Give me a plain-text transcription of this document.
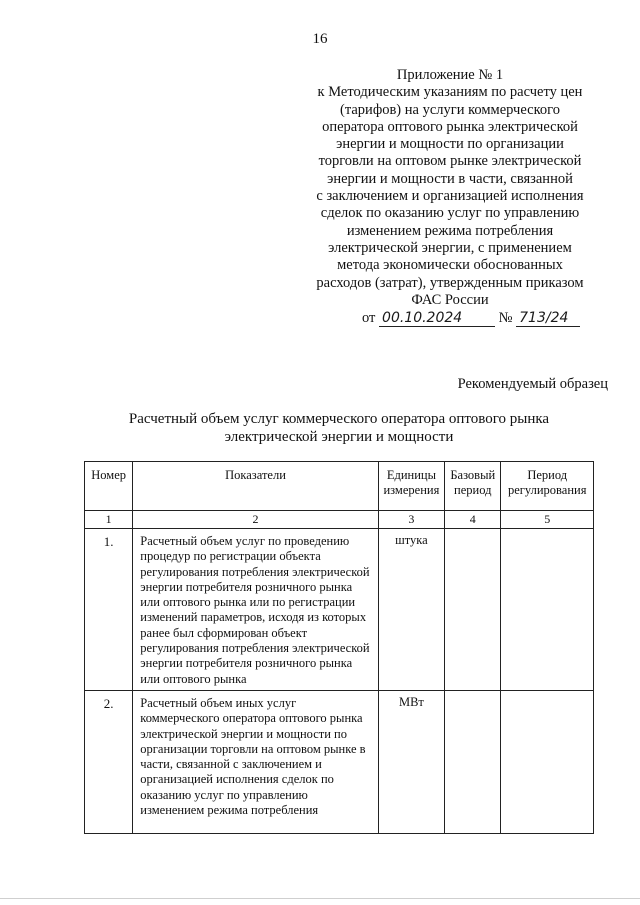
16
Приложение № 1
к Методическим указаниям по расчету цен
(тарифов) на услуги коммерческого
оператора оптового рынка электрической
энергии и мощности по организации
торговли на оптовом рынке электрической
энергии и мощности в части, связанной
с заключением и организацией исполнения
сделок по оказанию услуг по управлению
изменением режима потребления
электрической энергии, с применением
метода экономически обоснованных
расходов (затрат), утвержденным приказом
ФАС России
от 00.10.2024	№ 713/24
Рекомендуемый образец
Расчетный объем услуг коммерческого оператора оптового рынка
электрической энергии и мощности
Номер	Показатели	Единицы измерения	Базовый период	Период регулирования
1	2	3	4	5
1.	Расчетный объем услуг по проведению процедур по регистрации объекта регулирования потребления электрической энергии потребителя розничного рынка или оптового рынка или по регистрации изменений параметров, исходя из которых ранее был сформирован объект регулирования потребления электрической энергии потребителя розничного рынка или оптового рынка	штука		
2.	Расчетный объем иных услуг коммерческого оператора оптового рынка электрической энергии и мощности по организации торговли на оптовом рынке в части, связанной с заключением и организацией исполнения сделок по оказанию услуг по управлению изменением режима потребления	МВт		
